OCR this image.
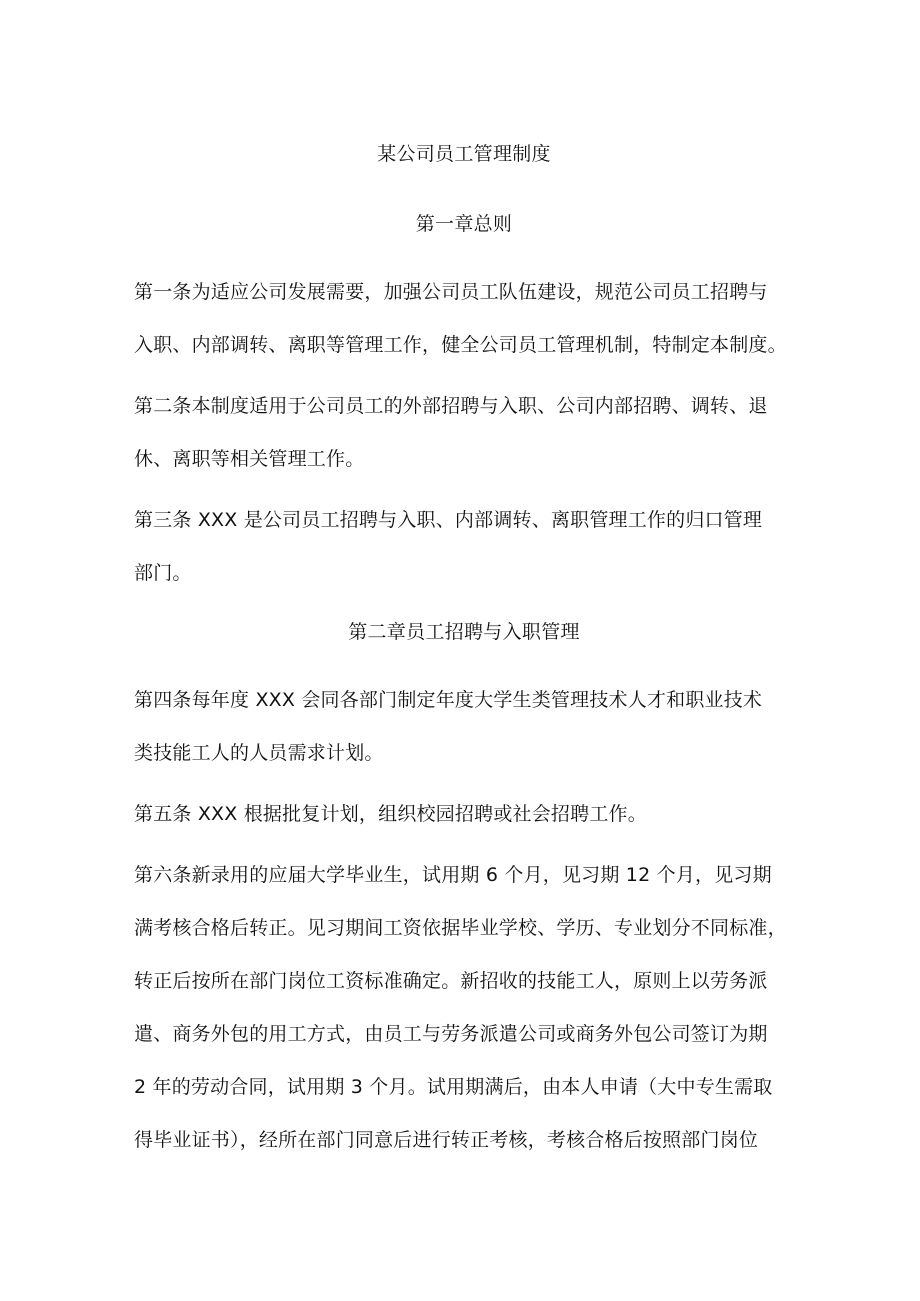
某公司员工管理制度
第一章总则
第一条为适应公司发展需要，加强公司员工队伍建设，规范公司员工招聘与
入职、内部调转、离职等管理工作，健全公司员工管理机制，特制定本制度。
第二条本制度适用于公司员工的外部招聘与入职、公司内部招聘、调转、退
休、离职等相关管理工作。
第三条 XXX 是公司员工招聘与入职、内部调转、离职管理工作的归口管理
部门。
第二章员工招聘与入职管理
第四条每年度 XXX 会同各部门制定年度大学生类管理技术人才和职业技术
类技能工人的人员需求计划。
第五条 XXX 根据批复计划，组织校园招聘或社会招聘工作。
第六条新录用的应届大学毕业生，试用期 6 个月，见习期 12 个月，见习期
满考核合格后转正。见习期间工资依据毕业学校、学历、专业划分不同标准，
转正后按所在部门岗位工资标准确定。新招收的技能工人，原则上以劳务派
遣、商务外包的用工方式，由员工与劳务派遣公司或商务外包公司签订为期
2 年的劳动合同，试用期 3 个月。试用期满后，由本人申请（大中专生需取
得毕业证书），经所在部门同意后进行转正考核，考核合格后按照部门岗位
